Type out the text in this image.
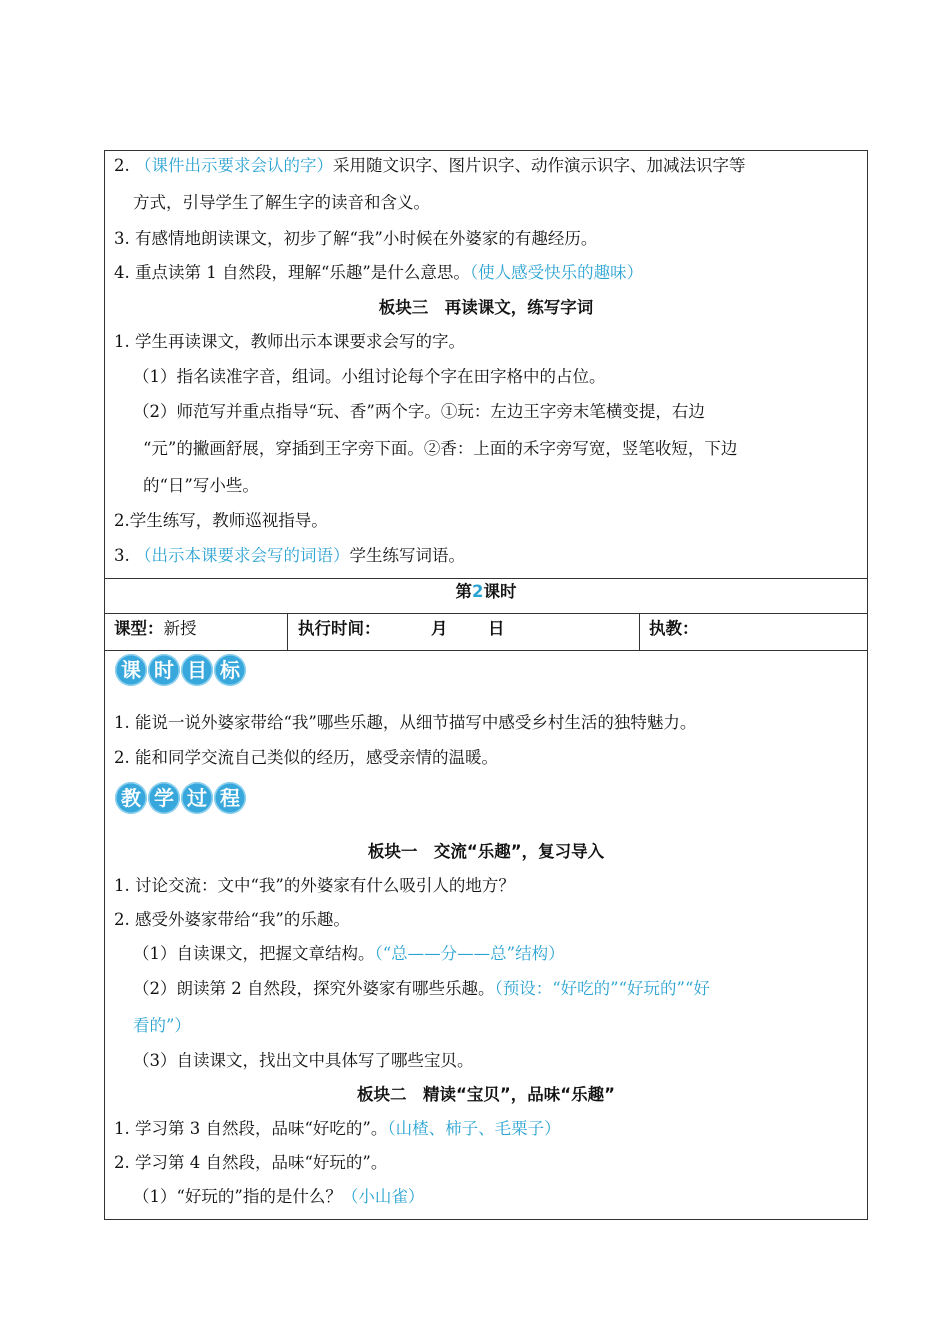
2. （课件出示要求会认的字）采用随文识字、图片识字、动作演示识字、加减法识字等
方式，引导学生了解生字的读音和含义。
3. 有感情地朗读课文，初步了解“我”小时候在外婆家的有趣经历。
4. 重点读第 1 自然段，理解“乐趣”是什么意思。（使人感受快乐的趣味）
板块三　再读课文，练写字词
1. 学生再读课文，教师出示本课要求会写的字。
（1）指名读准字音，组词。小组讨论每个字在田字格中的占位。
（2）师范写并重点指导“玩、香”两个字。①玩：左边王字旁末笔横变提，右边
“元”的撇画舒展，穿插到王字旁下面。②香：上面的禾字旁写宽，竖笔收短，下边
的“日”写小些。
2.学生练写，教师巡视指导。
3. （出示本课要求会写的词语）学生练写词语。
第2课时
课型：新授	执行时间：	月 日	执教：
课 时 目 标
1. 能说一说外婆家带给“我”哪些乐趣，从细节描写中感受乡村生活的独特魅力。
2. 能和同学交流自己类似的经历，感受亲情的温暖。
教 学 过 程
板块一　交流“乐趣”，复习导入
1. 讨论交流：文中“我”的外婆家有什么吸引人的地方？
2. 感受外婆家带给“我”的乐趣。
（1）自读课文，把握文章结构。（“总——分——总”结构）
（2）朗读第 2 自然段，探究外婆家有哪些乐趣。（预设：“好吃的”“好玩的”“好
看的”）
（3）自读课文，找出文中具体写了哪些宝贝。
板块二　精读“宝贝”，品味“乐趣”
1. 学习第 3 自然段，品味“好吃的”。（山楂、柿子、毛栗子）
2. 学习第 4 自然段，品味“好玩的”。
（1）“好玩的”指的是什么？（小山雀）
